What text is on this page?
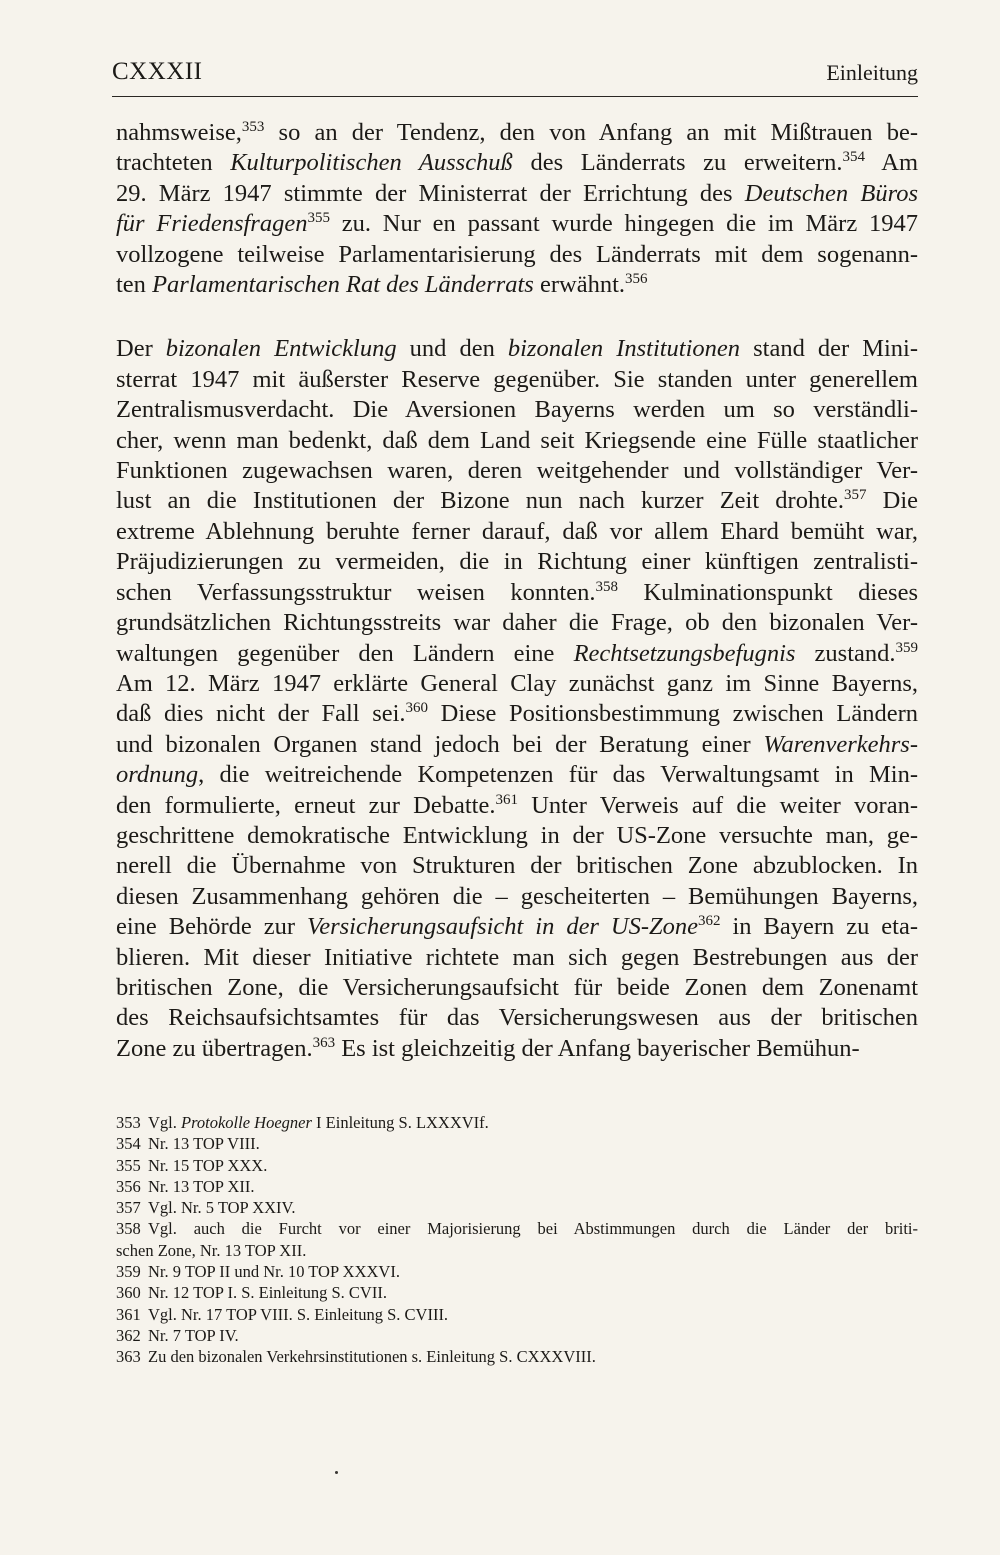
CXXXII	Einleitung
nahmsweise,$^{353}$ so an der Tendenz, den von Anfang an mit Mißtrauen be-
trachteten Kulturpolitischen Ausschuß des Länderrats zu erweitern.$^{354}$ Am
29. März 1947 stimmte der Ministerrat der Errichtung des Deutschen Büros
für Friedensfragen$^{355}$ zu. Nur en passant wurde hingegen die im März 1947
vollzogene teilweise Parlamentarisierung des Länderrats mit dem sogenann-
ten Parlamentarischen Rat des Länderrats erwähnt.$^{356}$
Der bizonalen Entwicklung und den bizonalen Institutionen stand der Mini-
sterrat 1947 mit äußerster Reserve gegenüber. Sie standen unter generellem
Zentralismusverdacht. Die Aversionen Bayerns werden um so verständli-
cher, wenn man bedenkt, daß dem Land seit Kriegsende eine Fülle staatlicher
Funktionen zugewachsen waren, deren weitgehender und vollständiger Ver-
lust an die Institutionen der Bizone nun nach kurzer Zeit drohte.$^{357}$ Die
extreme Ablehnung beruhte ferner darauf, daß vor allem Ehard bemüht war,
Präjudizierungen zu vermeiden, die in Richtung einer künftigen zentralisti-
schen Verfassungsstruktur weisen konnten.$^{358}$ Kulminationspunkt dieses
grundsätzlichen Richtungsstreits war daher die Frage, ob den bizonalen Ver-
waltungen gegenüber den Ländern eine Rechtsetzungsbefugnis zustand.$^{359}$
Am 12. März 1947 erklärte General Clay zunächst ganz im Sinne Bayerns,
daß dies nicht der Fall sei.$^{360}$ Diese Positionsbestimmung zwischen Ländern
und bizonalen Organen stand jedoch bei der Beratung einer Warenverkehrs-
ordnung, die weitreichende Kompetenzen für das Verwaltungsamt in Min-
den formulierte, erneut zur Debatte.$^{361}$ Unter Verweis auf die weiter voran-
geschrittene demokratische Entwicklung in der US-Zone versuchte man, ge-
nerell die Übernahme von Strukturen der britischen Zone abzublocken. In
diesen Zusammenhang gehören die – gescheiterten – Bemühungen Bayerns,
eine Behörde zur Versicherungsaufsicht in der US-Zone$^{362}$ in Bayern zu eta-
blieren. Mit dieser Initiative richtete man sich gegen Bestrebungen aus der
britischen Zone, die Versicherungsaufsicht für beide Zonen dem Zonenamt
des Reichsaufsichtsamtes für das Versicherungswesen aus der britischen
Zone zu übertragen.$^{363}$ Es ist gleichzeitig der Anfang bayerischer Bemühun-
353 Vgl. Protokolle Hoegner I Einleitung S. LXXXVIf.
354 Nr. 13 TOP VIII.
355 Nr. 15 TOP XXX.
356 Nr. 13 TOP XII.
357 Vgl. Nr. 5 TOP XXIV.
358 Vgl. auch die Furcht vor einer Majorisierung bei Abstimmungen durch die Länder der briti-
schen Zone, Nr. 13 TOP XII.
359 Nr. 9 TOP II und Nr. 10 TOP XXXVI.
360 Nr. 12 TOP I. S. Einleitung S. CVII.
361 Vgl. Nr. 17 TOP VIII. S. Einleitung S. CVIII.
362 Nr. 7 TOP IV.
363 Zu den bizonalen Verkehrsinstitutionen s. Einleitung S. CXXXVIII.
